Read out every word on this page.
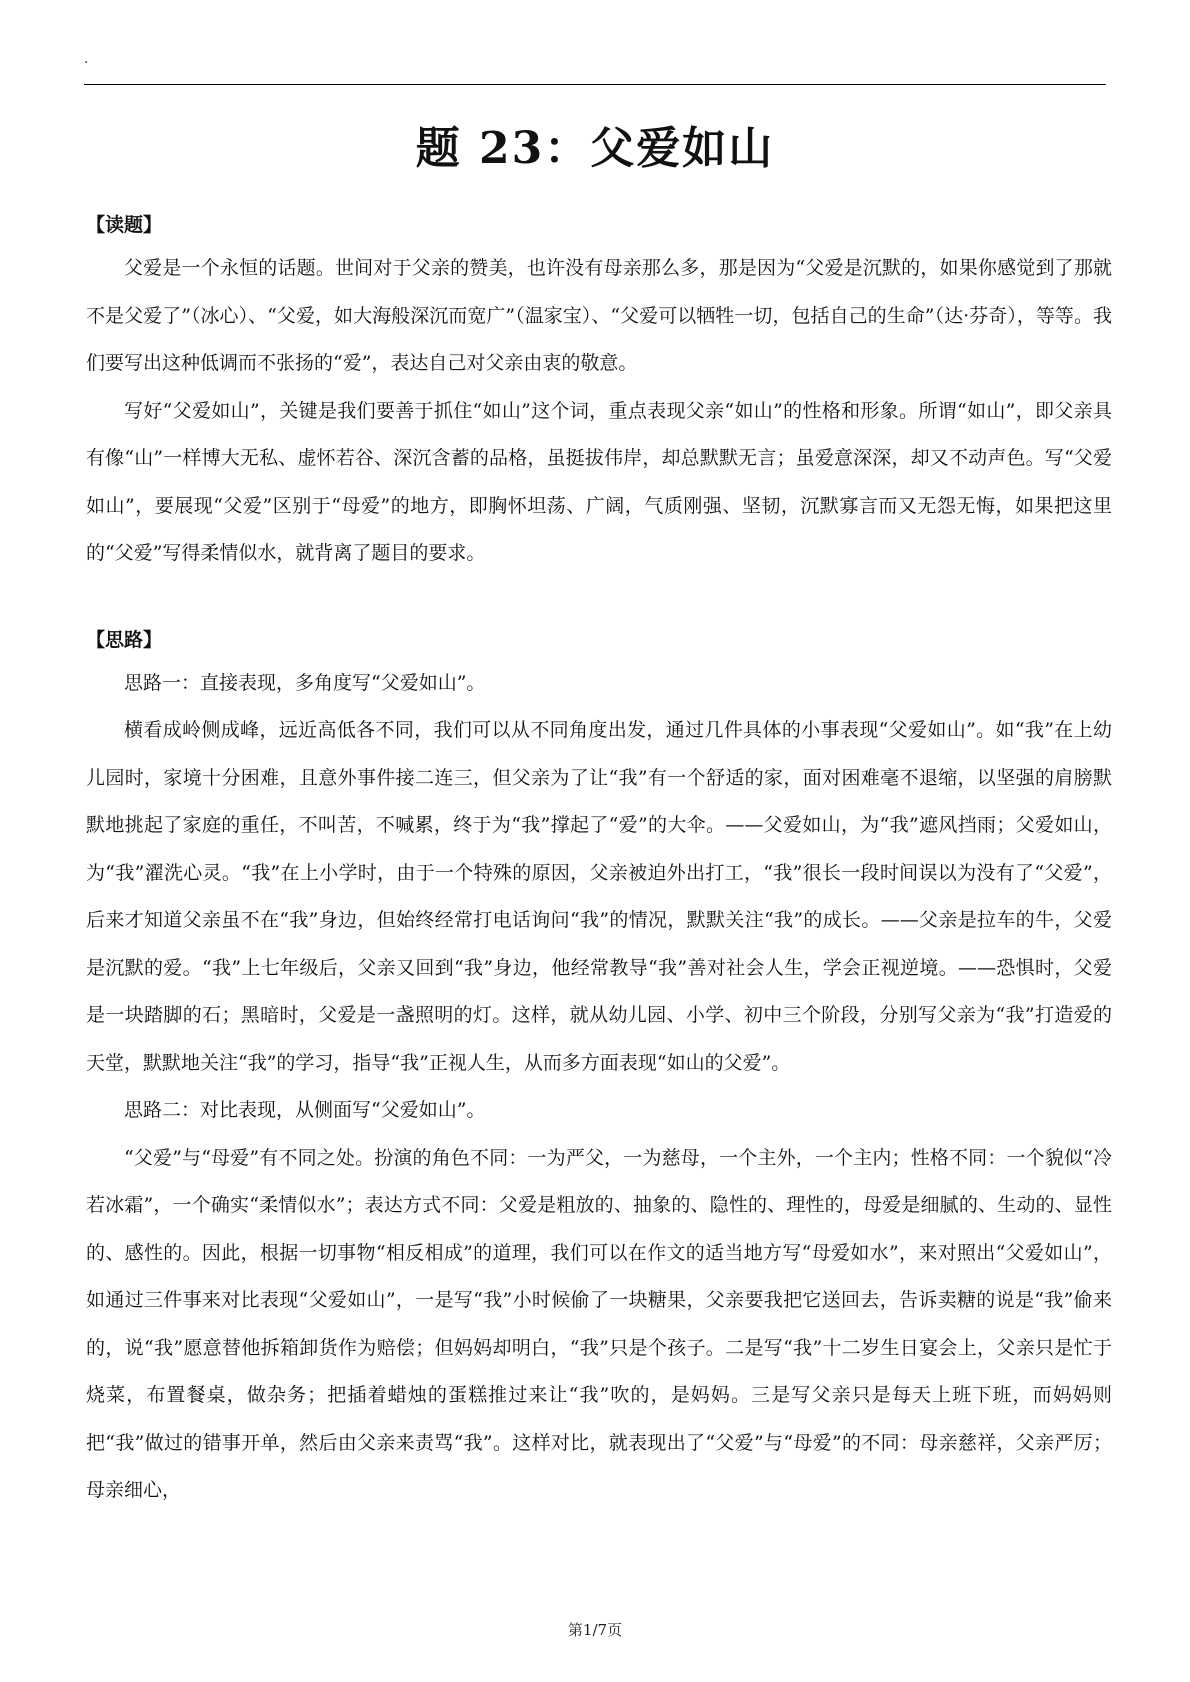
.
题 23：父爱如山
【读题】

父爱是一个永恒的话题。世间对于父亲的赞美，也许没有母亲那么多，那是因为“父爱是沉默的，如果你感觉到了那就不是父爱了”（冰心）、“父爱，如大海般深沉而宽广”（温家宝）、“父爱可以牺牲一切，包括自己的生命”（达·芬奇），等等。我们要写出这种低调而不张扬的“爱”，表达自己对父亲由衷的敬意。

写好“父爱如山”，关键是我们要善于抓住“如山”这个词，重点表现父亲“如山”的性格和形象。所谓“如山”，即父亲具有像“山”一样博大无私、虚怀若谷、深沉含蓄的品格，虽挺拔伟岸，却总默默无言；虽爱意深深，却又不动声色。写“父爱如山”，要展现“父爱”区别于“母爱”的地方，即胸怀坦荡、广阔，气质刚强、坚韧，沉默寡言而又无怨无悔，如果把这里的“父爱”写得柔情似水，就背离了题目的要求。

【思路】

思路一：直接表现，多角度写“父爱如山”。

横看成岭侧成峰，远近高低各不同，我们可以从不同角度出发，通过几件具体的小事表现“父爱如山”。如“我”在上幼儿园时，家境十分困难，且意外事件接二连三，但父亲为了让“我”有一个舒适的家，面对困难毫不退缩，以坚强的肩膀默默地挑起了家庭的重任，不叫苦，不喊累，终于为“我”撑起了“爱”的大伞。——父爱如山，为“我”遮风挡雨；父爱如山，为“我”濯洗心灵。“我”在上小学时，由于一个特殊的原因，父亲被迫外出打工，“我”很长一段时间误以为没有了“父爱”，后来才知道父亲虽不在“我”身边，但始终经常打电话询问“我”的情况，默默关注“我”的成长。——父亲是拉车的牛，父爱是沉默的爱。“我”上七年级后，父亲又回到“我”身边，他经常教导“我”善对社会人生，学会正视逆境。——恐惧时，父爱是一块踏脚的石；黑暗时，父爱是一盏照明的灯。这样，就从幼儿园、小学、初中三个阶段，分别写父亲为“我”打造爱的天堂，默默地关注“我”的学习，指导“我”正视人生，从而多方面表现“如山的父爱”。

思路二：对比表现，从侧面写“父爱如山”。

“父爱”与“母爱”有不同之处。扮演的角色不同：一为严父，一为慈母，一个主外，一个主内；性格不同：一个貌似“冷若冰霜”，一个确实“柔情似水”；表达方式不同：父爱是粗放的、抽象的、隐性的、理性的，母爱是细腻的、生动的、显性的、感性的。因此，根据一切事物“相反相成”的道理，我们可以在作文的适当地方写“母爱如水”，来对照出“父爱如山”，如通过三件事来对比表现“父爱如山”，一是写“我”小时候偷了一块糖果，父亲要我把它送回去，告诉卖糖的说是“我”偷来的，说“我”愿意替他拆箱卸货作为赔偿；但妈妈却明白，“我”只是个孩子。二是写“我”十二岁生日宴会上，父亲只是忙于烧菜，布置餐桌，做杂务；把插着蜡烛的蛋糕推过来让“我”吹的，是妈妈。三是写父亲只是每天上班下班，而妈妈则把“我”做过的错事开单，然后由父亲来责骂“我”。这样对比，就表现出了“父爱”与“母爱”的不同：母亲慈祥，父亲严厉；母亲细心，

第1/7页
